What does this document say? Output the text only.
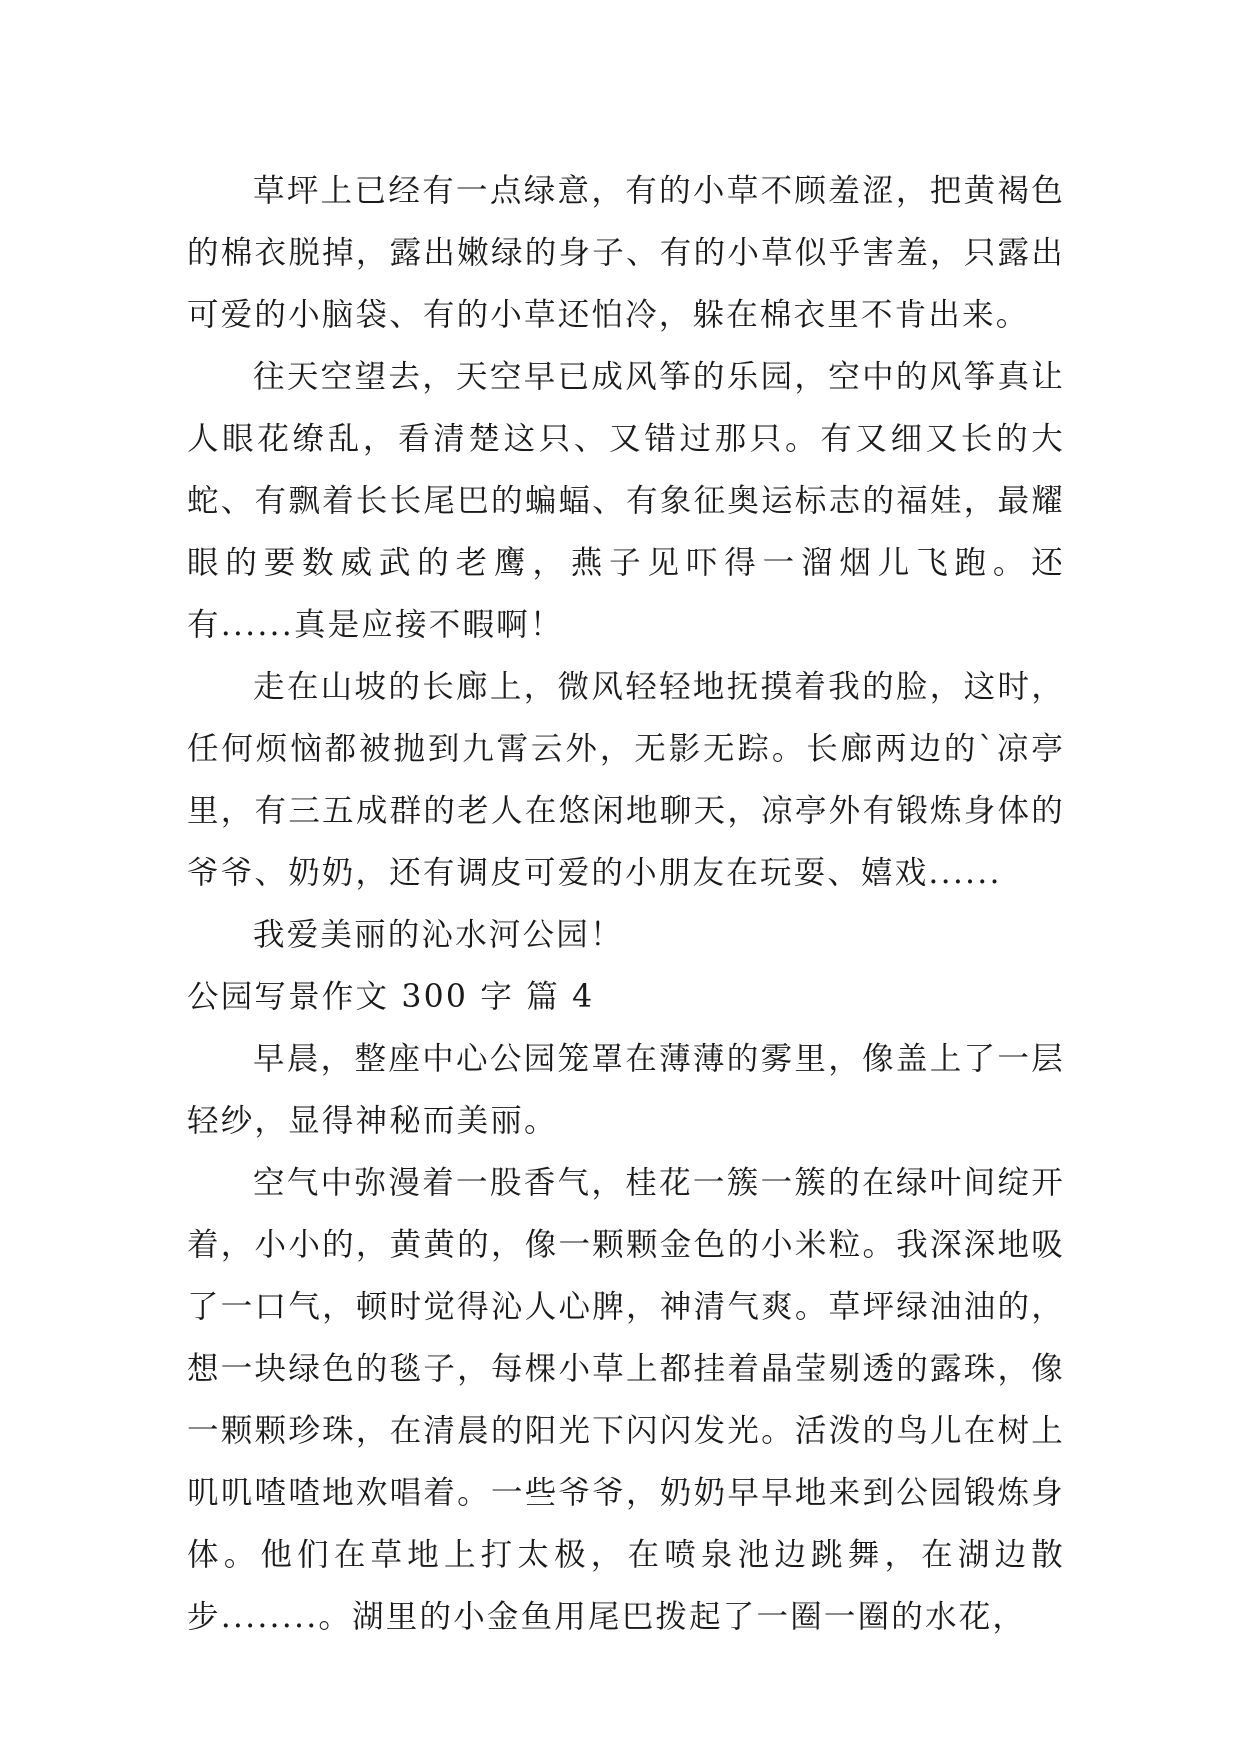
草坪上已经有一点绿意，有的小草不顾羞涩，把黄褐色的棉衣脱掉，露出嫩绿的身子、有的小草似乎害羞，只露出可爱的小脑袋、有的小草还怕冷，躲在棉衣里不肯出来。

往天空望去，天空早已成风筝的乐园，空中的风筝真让人眼花缭乱，看清楚这只、又错过那只。有又细又长的大蛇、有飘着长长尾巴的蝙蝠、有象征奥运标志的福娃，最耀眼的要数威武的老鹰，燕子见吓得一溜烟儿飞跑。还有......真是应接不暇啊！

走在山坡的长廊上，微风轻轻地抚摸着我的脸，这时，任何烦恼都被抛到九霄云外，无影无踪。长廊两边的`凉亭里，有三五成群的老人在悠闲地聊天，凉亭外有锻炼身体的爷爷、奶奶，还有调皮可爱的小朋友在玩耍、嬉戏......

我爱美丽的沁水河公园！

公园写景作文 300 字 篇 4

早晨，整座中心公园笼罩在薄薄的雾里，像盖上了一层轻纱，显得神秘而美丽。

空气中弥漫着一股香气，桂花一簇一簇的在绿叶间绽开着，小小的，黄黄的，像一颗颗金色的小米粒。我深深地吸了一口气，顿时觉得沁人心脾，神清气爽。草坪绿油油的，想一块绿色的毯子，每棵小草上都挂着晶莹剔透的露珠，像一颗颗珍珠，在清晨的阳光下闪闪发光。活泼的鸟儿在树上叽叽喳喳地欢唱着。一些爷爷，奶奶早早地来到公园锻炼身体。他们在草地上打太极，在喷泉池边跳舞，在湖边散步........。湖里的小金鱼用尾巴拨起了一圈一圈的水花，
